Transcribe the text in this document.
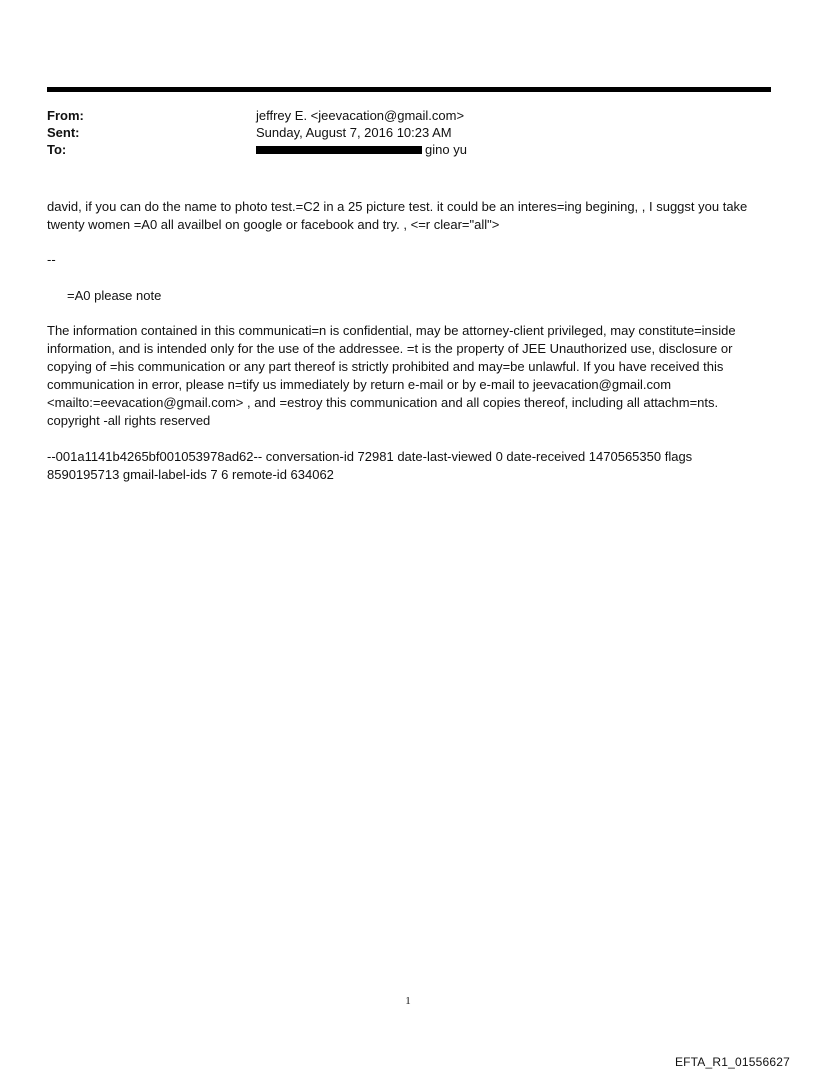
From:	jeffrey E. <jeevacation@gmail.com>
Sent:	Sunday, August 7, 2016 10:23 AM
To:	gino yu
david, if you can do the name to photo test.=C2 in a 25 picture test. it could be an interes=ing begining, , I suggst you take twenty women =A0 all availbel on google or facebook and try. , <=r clear="all">
--
=A0 please note
The information contained in this communicati=n is confidential, may be attorney-client privileged, may constitute=inside information, and is intended only for the use of the addressee. =t is the property of JEE Unauthorized use, disclosure or copying of =his communication or any part thereof is strictly prohibited and may=be unlawful. If you have received this communication in error, please n=tify us immediately by return e-mail or by e-mail to jeevacation@gmail.com <mailto:=eevacation@gmail.com> , and =estroy this communication and all copies thereof, including all attachm=nts. copyright -all rights reserved
--001a1141b4265bf001053978ad62-- conversation-id 72981 date-last-viewed 0 date-received 1470565350 flags 8590195713 gmail-label-ids 7 6 remote-id 634062
1
EFTA_R1_01556627
